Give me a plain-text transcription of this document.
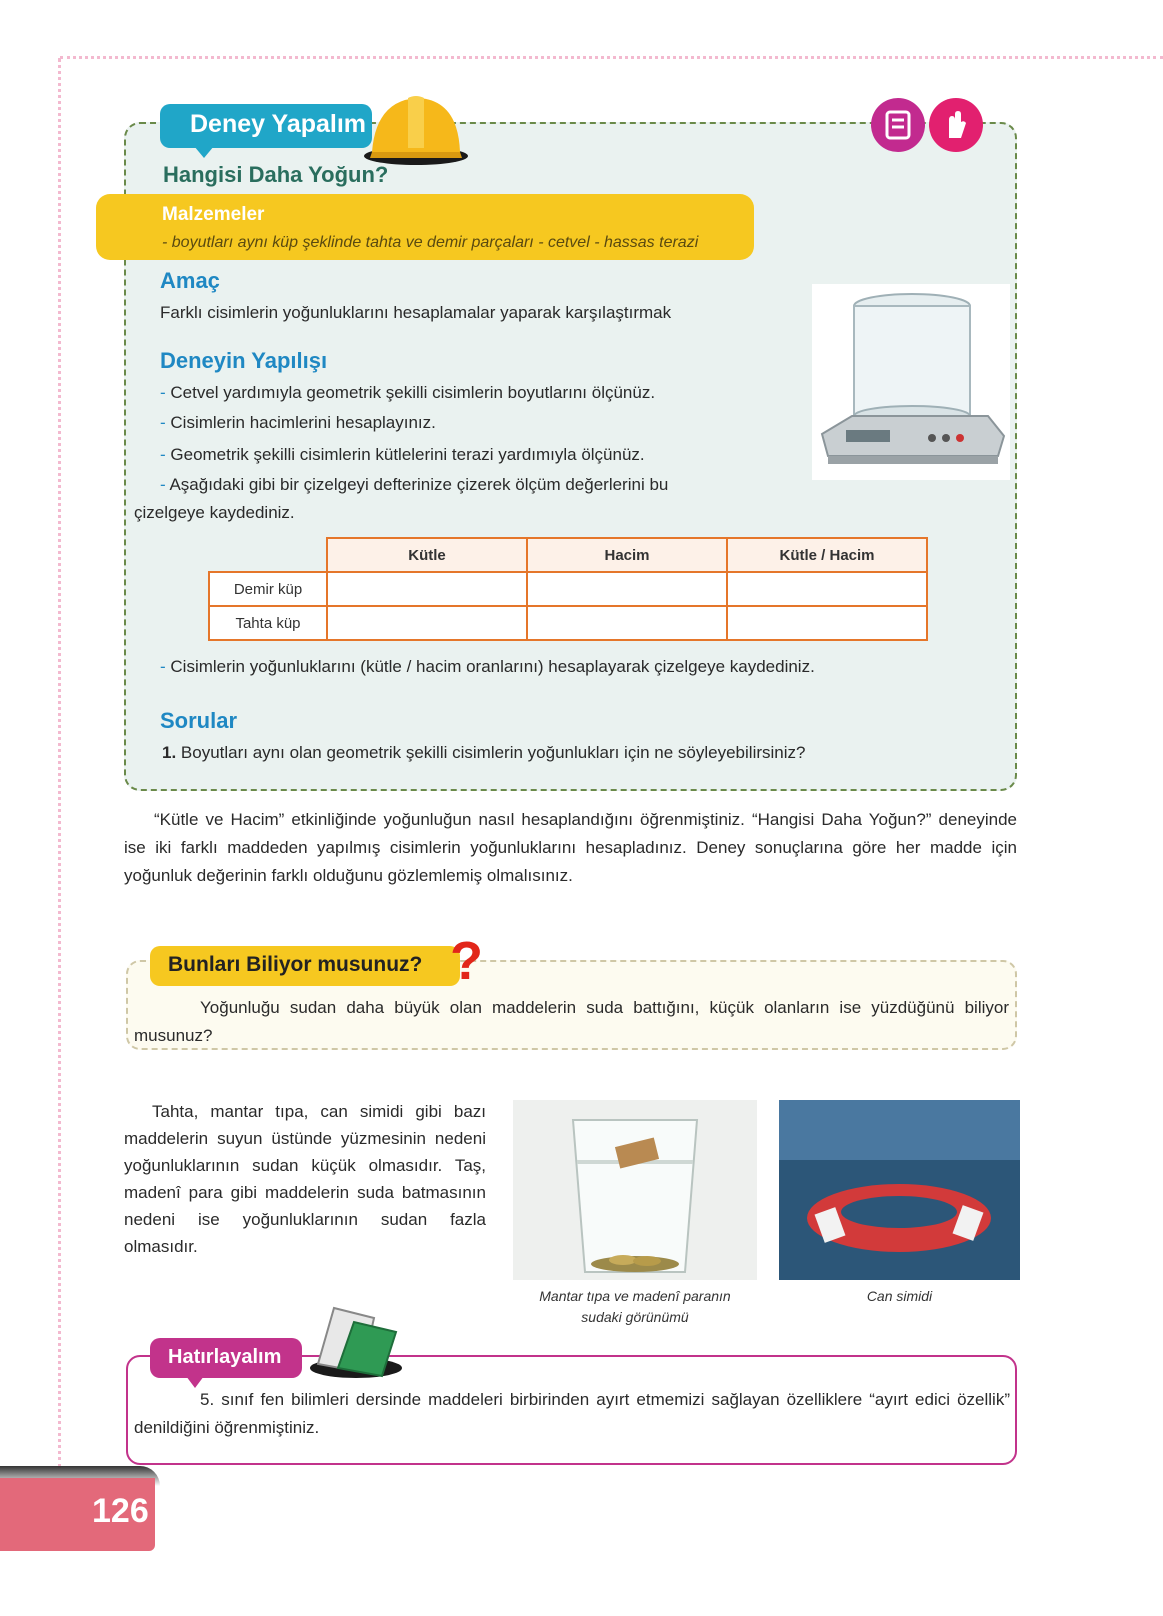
Deney Yapalım
Hangisi Daha Yoğun?
Malzemeler
- boyutları aynı küp şeklinde tahta ve demir parçaları - cetvel - hassas terazi
Amaç
Farklı cisimlerin yoğunluklarını hesaplamalar yaparak karşılaştırmak
Deneyin Yapılışı
- Cetvel yardımıyla geometrik şekilli cisimlerin boyutlarını ölçünüz.
- Cisimlerin hacimlerini hesaplayınız.
- Geometrik şekilli cisimlerin kütlelerini terazi yardımıyla ölçünüz.
- Aşağıdaki gibi bir çizelgeyi defterinize çizerek ölçüm değerlerini bu
çizelgeye kaydediniz.
	Kütle	Hacim	Kütle / Hacim
Demir küp			
Tahta küp			
- Cisimlerin yoğunluklarını (kütle / hacim oranlarını) hesaplayarak çizelgeye kaydediniz.
Sorular
1. Boyutları aynı olan geometrik şekilli cisimlerin yoğunlukları için ne söyleyebilirsiniz?
“Kütle ve Hacim” etkinliğinde yoğunluğun nasıl hesaplandığını öğrenmiştiniz. “Hangisi Daha Yoğun?” deneyinde ise iki farklı maddeden yapılmış cisimlerin yoğunluklarını hesapladınız. Deney sonuçlarına göre her madde için yoğunluk değerinin farklı olduğunu gözlemlemiş olmalısınız.
Bunları Biliyor musunuz? ?
Yoğunluğu sudan daha büyük olan maddelerin suda battığını, küçük olanların ise yüzdüğünü biliyor musunuz?
Tahta, mantar tıpa, can simidi gibi bazı maddelerin suyun üstünde yüzmesinin nedeni yoğunluklarının sudan küçük olmasıdır. Taş, madenî para gibi maddelerin suda batmasının nedeni ise yoğunluklarının sudan fazla olmasıdır.
Mantar tıpa ve madenî paranın
sudaki görünümü
Can simidi
Hatırlayalım
5. sınıf fen bilimleri dersinde maddeleri birbirinden ayırt etmemizi sağlayan özelliklere “ayırt edici özellik” denildiğini öğrenmiştiniz.
126
